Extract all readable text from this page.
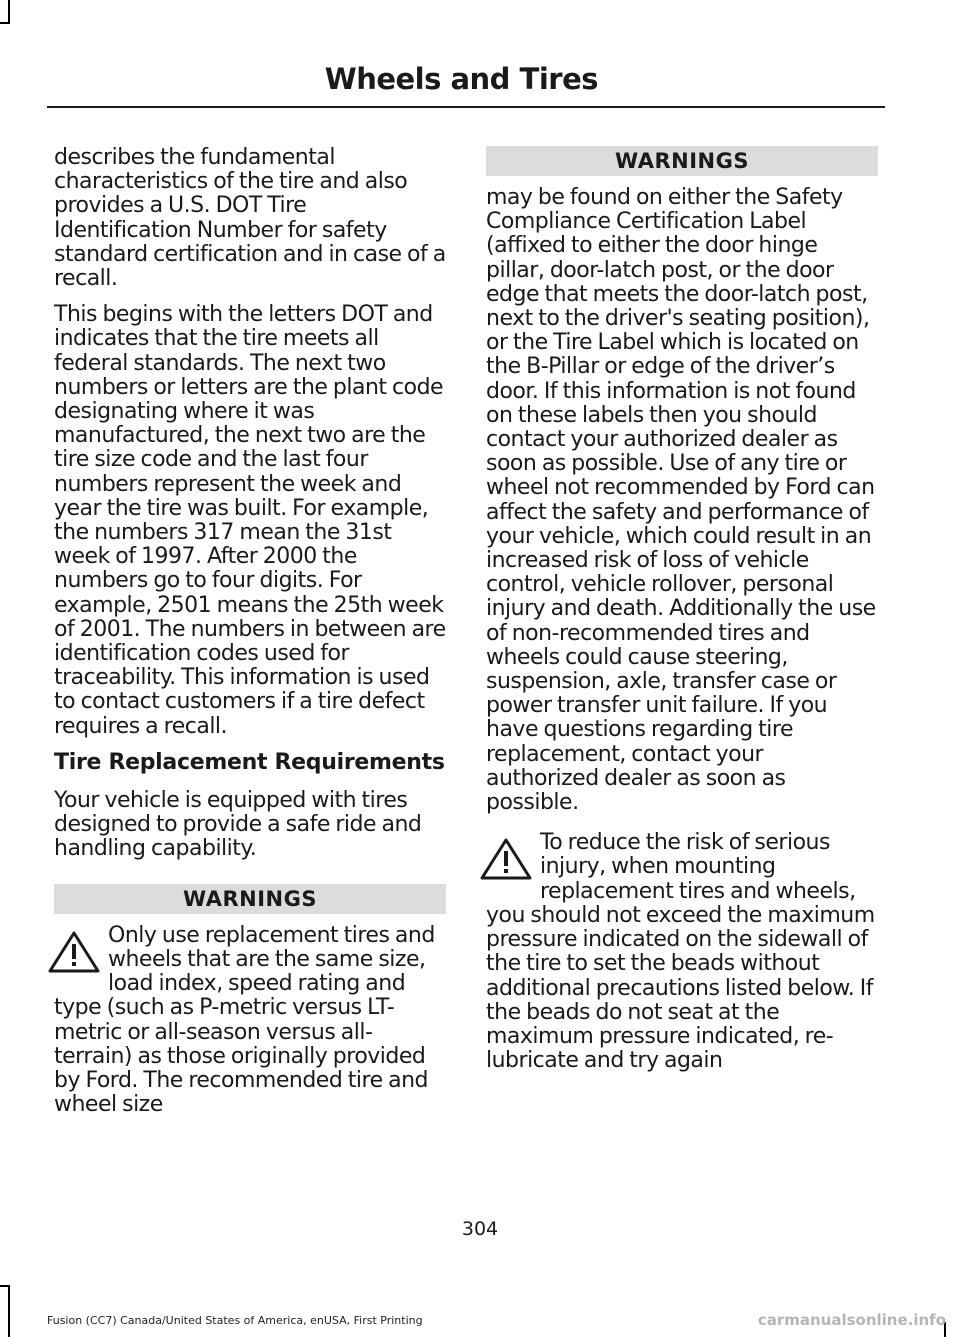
Wheels and Tires

describes the fundamental characteristics of the tire and also provides a U.S. DOT Tire Identification Number for safety standard certification and in case of a recall.

This begins with the letters DOT and indicates that the tire meets all federal standards. The next two numbers or letters are the plant code designating where it was manufactured, the next two are the tire size code and the last four numbers represent the week and year the tire was built. For example, the numbers 317 mean the 31st week of 1997. After 2000 the numbers go to four digits. For example, 2501 means the 25th week of 2001. The numbers in between are identification codes used for traceability. This information is used to contact customers if a tire defect requires a recall.

Tire Replacement Requirements

Your vehicle is equipped with tires designed to provide a safe ride and handling capability.

WARNINGS
Only use replacement tires and wheels that are the same size, load index, speed rating and type (such as P-metric versus LT-metric or all-season versus all-terrain) as those originally provided by Ford. The recommended tire and wheel size
WARNINGS

may be found on either the Safety Compliance Certification Label (affixed to either the door hinge pillar, door-latch post, or the door edge that meets the door-latch post, next to the driver's seating position), or the Tire Label which is located on the B-Pillar or edge of the driver’s door. If this information is not found on these labels then you should contact your authorized dealer as soon as possible. Use of any tire or wheel not recommended by Ford can affect the safety and performance of your vehicle, which could result in an increased risk of loss of vehicle control, vehicle rollover, personal injury and death. Additionally the use of non-recommended tires and wheels could cause steering, suspension, axle, transfer case or power transfer unit failure. If you have questions regarding tire replacement, contact your authorized dealer as soon as possible.

To reduce the risk of serious injury, when mounting replacement tires and wheels, you should not exceed the maximum pressure indicated on the sidewall of the tire to set the beads without additional precautions listed below. If the beads do not seat at the maximum pressure indicated, re-lubricate and try again
304
Fusion (CC7) Canada/United States of America, enUSA, First Printing	carmanualsonline.info
